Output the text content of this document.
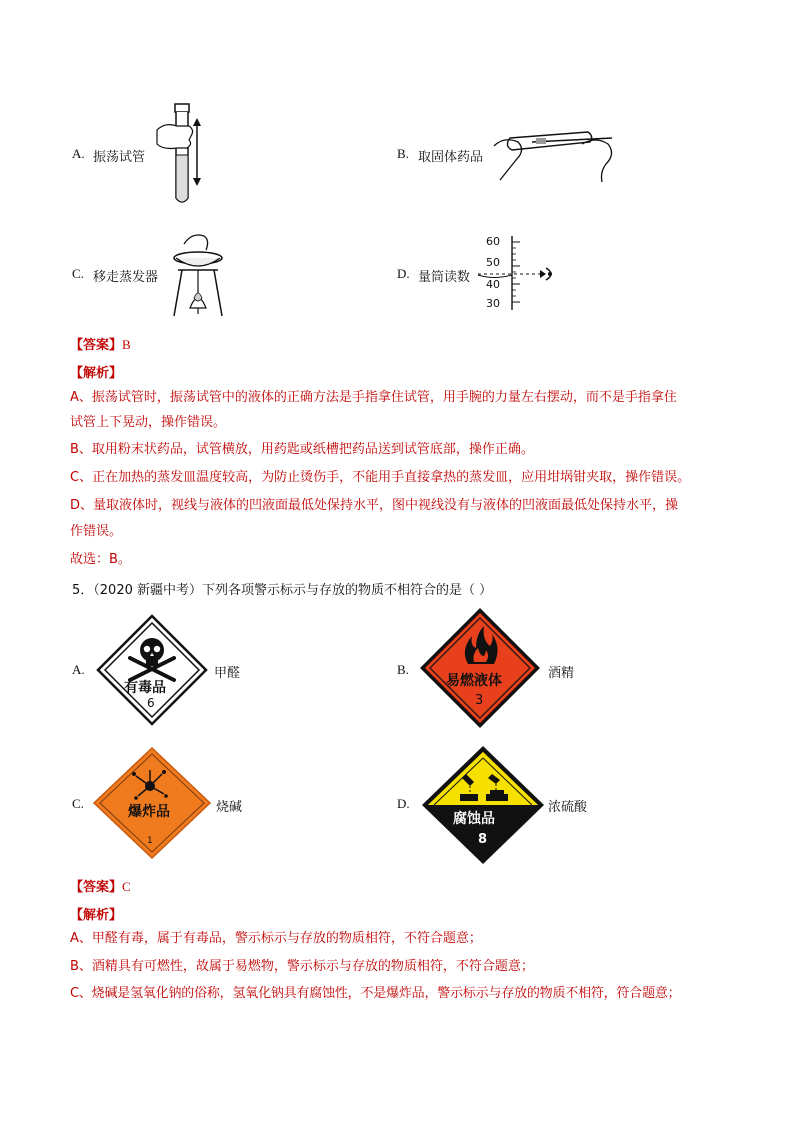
A. 振荡试管	B. 取固体药品
C. 移走蒸发器	D. 量筒读数
60
50
40
30
【答案】B
【解析】
A、振荡试管时，振荡试管中的液体的正确方法是手指拿住试管，用手腕的力量左右摆动，而不是手指拿住
试管上下晃动，操作错误。
B、取用粉末状药品，试管横放，用药匙或纸槽把药品送到试管底部，操作正确。
C、正在加热的蒸发皿温度较高，为防止烫伤手，不能用手直接拿热的蒸发皿，应用坩埚钳夹取，操作错误。
D、量取液体时，视线与液体的凹液面最低处保持水平，图中视线没有与液体的凹液面最低处保持水平，操
作错误。
故选：B。
5．（2020 新疆中考）下列各项警示标示与存放的物质不相符合的是（ ）
A.
有毒品
6
甲醛	B.
易燃液体
3
酒精
C.
爆炸品
1
烧碱	D.
腐蚀品
8
浓硫酸
【答案】C
【解析】
A、甲醛有毒，属于有毒品，警示标示与存放的物质相符，不符合题意；
B、酒精具有可燃性，故属于易燃物，警示标示与存放的物质相符，不符合题意；
C、烧碱是氢氧化钠的俗称，氢氧化钠具有腐蚀性，不是爆炸品，警示标示与存放的物质不相符，符合题意；
